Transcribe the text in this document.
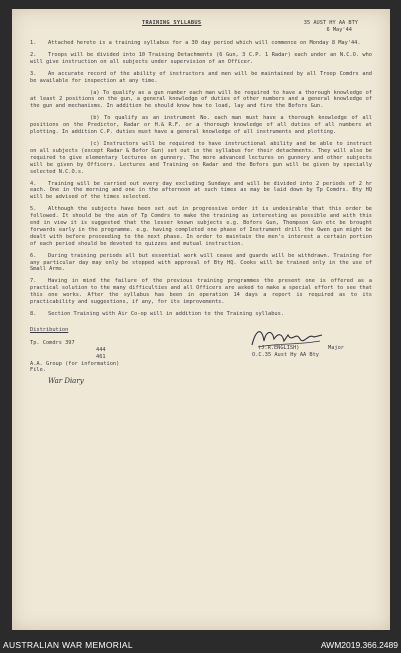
TRAINING SYLLABUS	35 AUST HY AA BTY
6 May'44
1. Attached hereto is a training syllabus for a 30 day period which will commence on Monday 8 May'44.
2. Troops will be divided into 10 Training Detachments (6 Gun, 3 C.P. 1 Radar) each under an N.C.O. who will give instruction on all subjects under supervision of an Officer.
3. An accurate record of the ability of instructors and men will be maintained by all Troop Comdrs and be available for inspection at any time.
(a) To qualify as a gun number each man will be required to have a thorough knowledge of at least 2 positions on the gun, a general knowledge of duties of other numbers and a general knowledge of the gun and mechanisms. In addition he should know how to load, lay and fire the Bofors Gun.
(b) To qualify as an instrument No. each man must have a thorough knowledge of all positions on the Predictor, Radar or H.& R.F. or a thorough knowledge of all duties of all numbers at plotting. In addition C.P. duties must have a general knowledge of all instruments and plotting.
(c) Instructors will be required to have instructional ability and be able to instruct on all subjects (except Radar & Bofor Gun) set out in the syllabus for their detachments. They will also be required to give elementary lectures on gunnery. The more advanced lectures on gunnery and other subjects will be given by Officers. Lectures and Training on Radar and the Bofors gun will be given by specially selected N.C.O.s.
4. Training will be carried out every day excluding Sundays and will be divided into 2 periods of 2 hr each. One in the morning and one in the afternoon at such times as may be laid down by Tp Comdrs. Bty HQ will be advised of the times selected.
5. Although the subjects have been set out in progressive order it is undesirable that this order be followed. It should be the aim of Tp Comdrs to make the training as interesting as possible and with this end in view it is suggested that the lesser known subjects e.g. Bofors Gun, Thompson Gun etc be brought forwards early in the programme. e.g. having completed one phase of Instrument drill the Owen gun might be dealt with before proceeding to the next phase. In order to maintain the men's interest a certain portion of each period should be devoted to quizzes and mutual instruction.
6. During training periods all but essential work will cease and guards will be withdrawn. Training for any particular day may only be stopped with approval of Bty HQ. Cooks will be trained only in the use of Small Arms.
7. Having in mind the failure of the previous training programmes the present one is offered as a practical solution to the many difficulties and all Officers are asked to make a special effort to see that this one works. After the syllabus has been in operation 14 days a report is required as to its practicability and suggestions, if any, for its improvements.
8. Section Training with Air Co-op will in addition to the Training syllabus.
Distribution
Tp. Comdrs 397
444
461
A.A. Group (for information)
File.
Major
(J.R.ENGLISH)
O.C.35 Aust Hy AA Bty
War Diary
AUSTRALIAN WAR MEMORIAL	AWM2019.366.2489
